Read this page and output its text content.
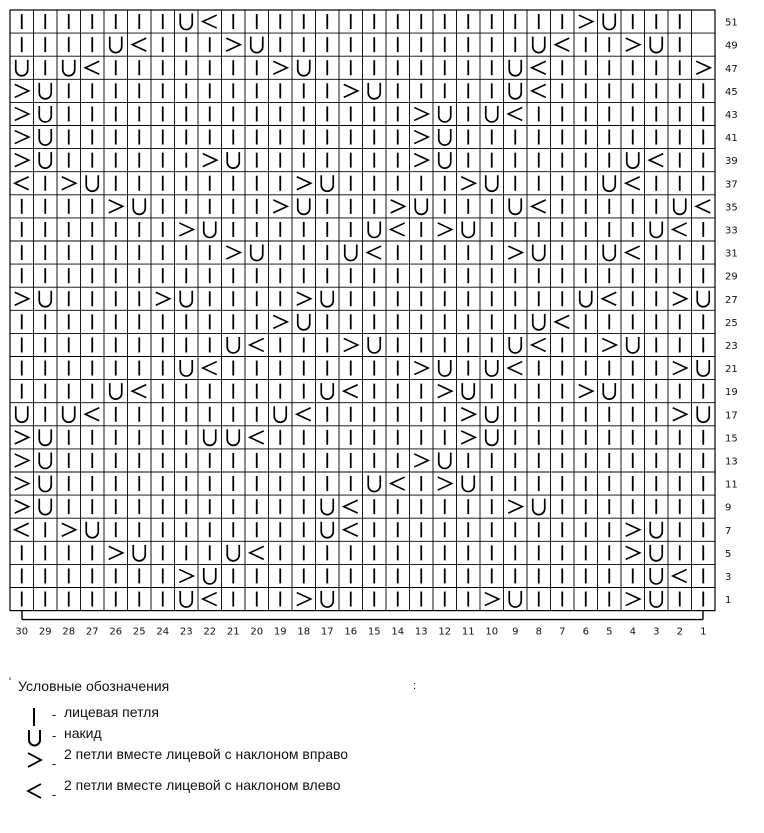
51
49
47
45
43
41
39
37
35
33
31
29
27
25
23
21
19
17
15
13
11
9
7
5
3
1
30 29 28 27 26 25 24 23 22 21 20 19 18 17 16 15 14 13 12 11 10 9 8 7 6 5 4 3 2 1
' Условные обозначения	:
- лицевая петля
- накид
-
2 петли вместе лицевой с наклоном вправо
-
2 петли вместе лицевой с наклоном влево
